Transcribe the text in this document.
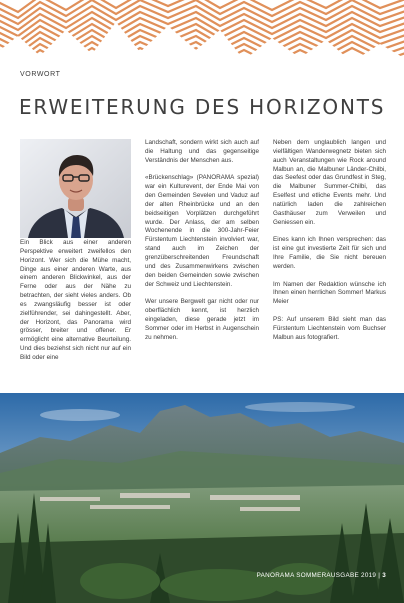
VORWORT
ERWEITERUNG DES HORIZONTS

Ein Blick aus einer anderen Perspektive erweitert zweifellos den Horizont. Wer sich die Mühe macht, Dinge aus einer anderen Warte, aus einem anderen Blickwinkel, aus der Ferne oder aus der Nähe zu betrachten, der sieht vieles anders. Ob es zwangsläufig besser ist oder zielführender, sei dahingestellt. Aber, der Horizont, das Panorama wird grösser, breiter und offener. Er ermöglicht eine alternative Beurteilung. Und dies beziehst sich nicht nur auf ein Bild oder eine

Landschaft, sondern wirkt sich auch auf die Haltung und das gegenseitige Verständnis der Menschen aus.

«Brückenschlag» (PANORAMA spezial) war ein Kulturevent, der Ende Mai von den Gemeinden Sevelen und Vaduz auf der alten Rheinbrücke und an den beidseitigen Vorplätzen durchgeführt wurde. Der Anlass, der am selben Wochenende in die 300-Jahr-Feier Fürstentum Liechtenstein involviert war, stand auch im Zeichen der grenzüberschreitenden Freundschaft und des Zusammenwirkens zwischen den beiden Gemeinden sowie zwischen der Schweiz und Liechtenstein.

Wer unsere Bergwelt gar nicht oder nur oberflächlich kennt, ist herzlich eingeladen, diese gerade jetzt im Sommer oder im Herbst in Augenschein zu nehmen.

Neben dem unglaublich langen und vielfältigen Wanderwegnetz bieten sich auch Veranstaltungen wie Rock around Malbun an, die Malbuner Länder-Chilbi, das Seefest oder das Grundfest in Steg, die Malbuner Summer-Chilbi, das Eselfest und etliche Events mehr. Und natürlich laden die zahlreichen Gasthäuser zum Verweilen und Geniessen ein.

Eines kann ich Ihnen versprechen: das ist eine gut investierte Zeit für sich und Ihre Familie, die Sie nicht bereuen werden.

Im Namen der Redaktion wünsche ich Ihnen einen herrlichen Sommer! Markus Meier

PS: Auf unserem Bild sieht man das Fürstentum Liechtenstein vom Buchser Malbun aus fotografiert.

PANORAMA SOMMERAUSGABE 2019 | 3
